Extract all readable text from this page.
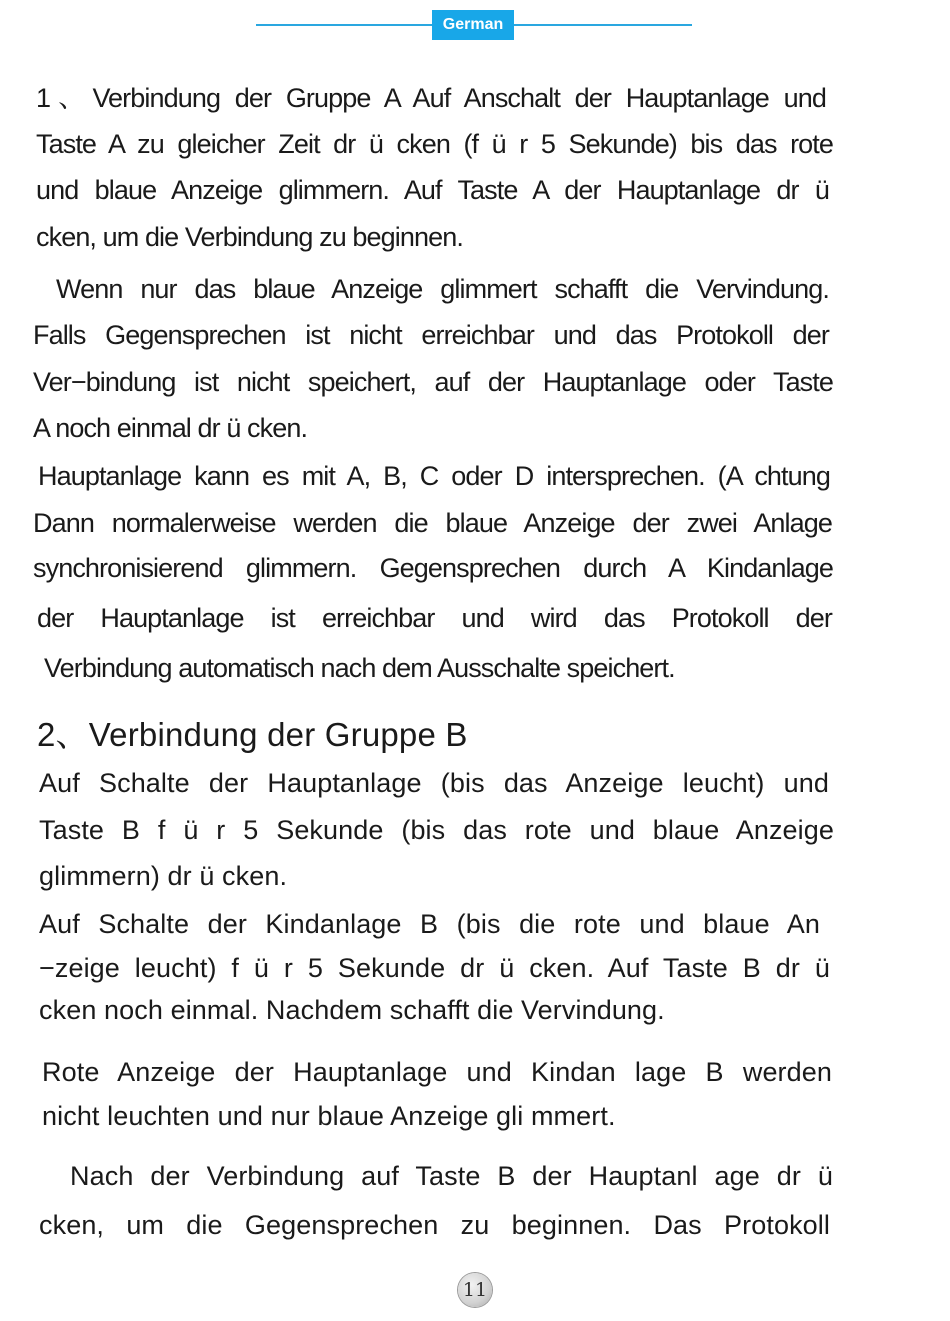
German
1、Verbindung der Gruppe A Auf Anschalt der Hauptanlage und
Taste A zu gleicher Zeit dr ü cken (f ü r 5 Sekunde) bis das rote
und blaue Anzeige glimmern. Auf Taste A der Hauptanlage dr ü
cken, um die Verbindung zu beginnen.
Wenn nur das blaue Anzeige glimmert schafft die Vervindung.
Falls Gegensprechen ist nicht erreichbar und das Protokoll der
Ver−bindung ist nicht speichert, auf der Hauptanlage oder Taste
A noch einmal dr ü cken.
Hauptanlage kann es mit A, B, C oder D intersprechen. (A chtung
Dann normalerweise werden die blaue Anzeige der zwei Anlage
synchronisierend glimmern. Gegensprechen durch A Kindanlage
der Hauptanlage ist erreichbar und wird das Protokoll der
Verbindung automatisch nach dem Ausschalte speichert.
2、Verbindung der Gruppe B
Auf Schalte der Hauptanlage (bis das Anzeige leucht) und
Taste B f ü r 5 Sekunde (bis das rote und blaue Anzeige
glimmern) dr ü cken.
Auf Schalte der Kindanlage B (bis die rote und blaue An
−zeige leucht) f ü r 5 Sekunde dr ü cken. Auf Taste B dr ü
cken noch einmal. Nachdem schafft die Vervindung.
Rote Anzeige der Hauptanlage und Kindan lage B werden
nicht leuchten und nur blaue Anzeige gli mmert.
Nach der Verbindung auf Taste B der Hauptanl age dr ü
cken, um die Gegensprechen zu beginnen. Das Protokoll
11
